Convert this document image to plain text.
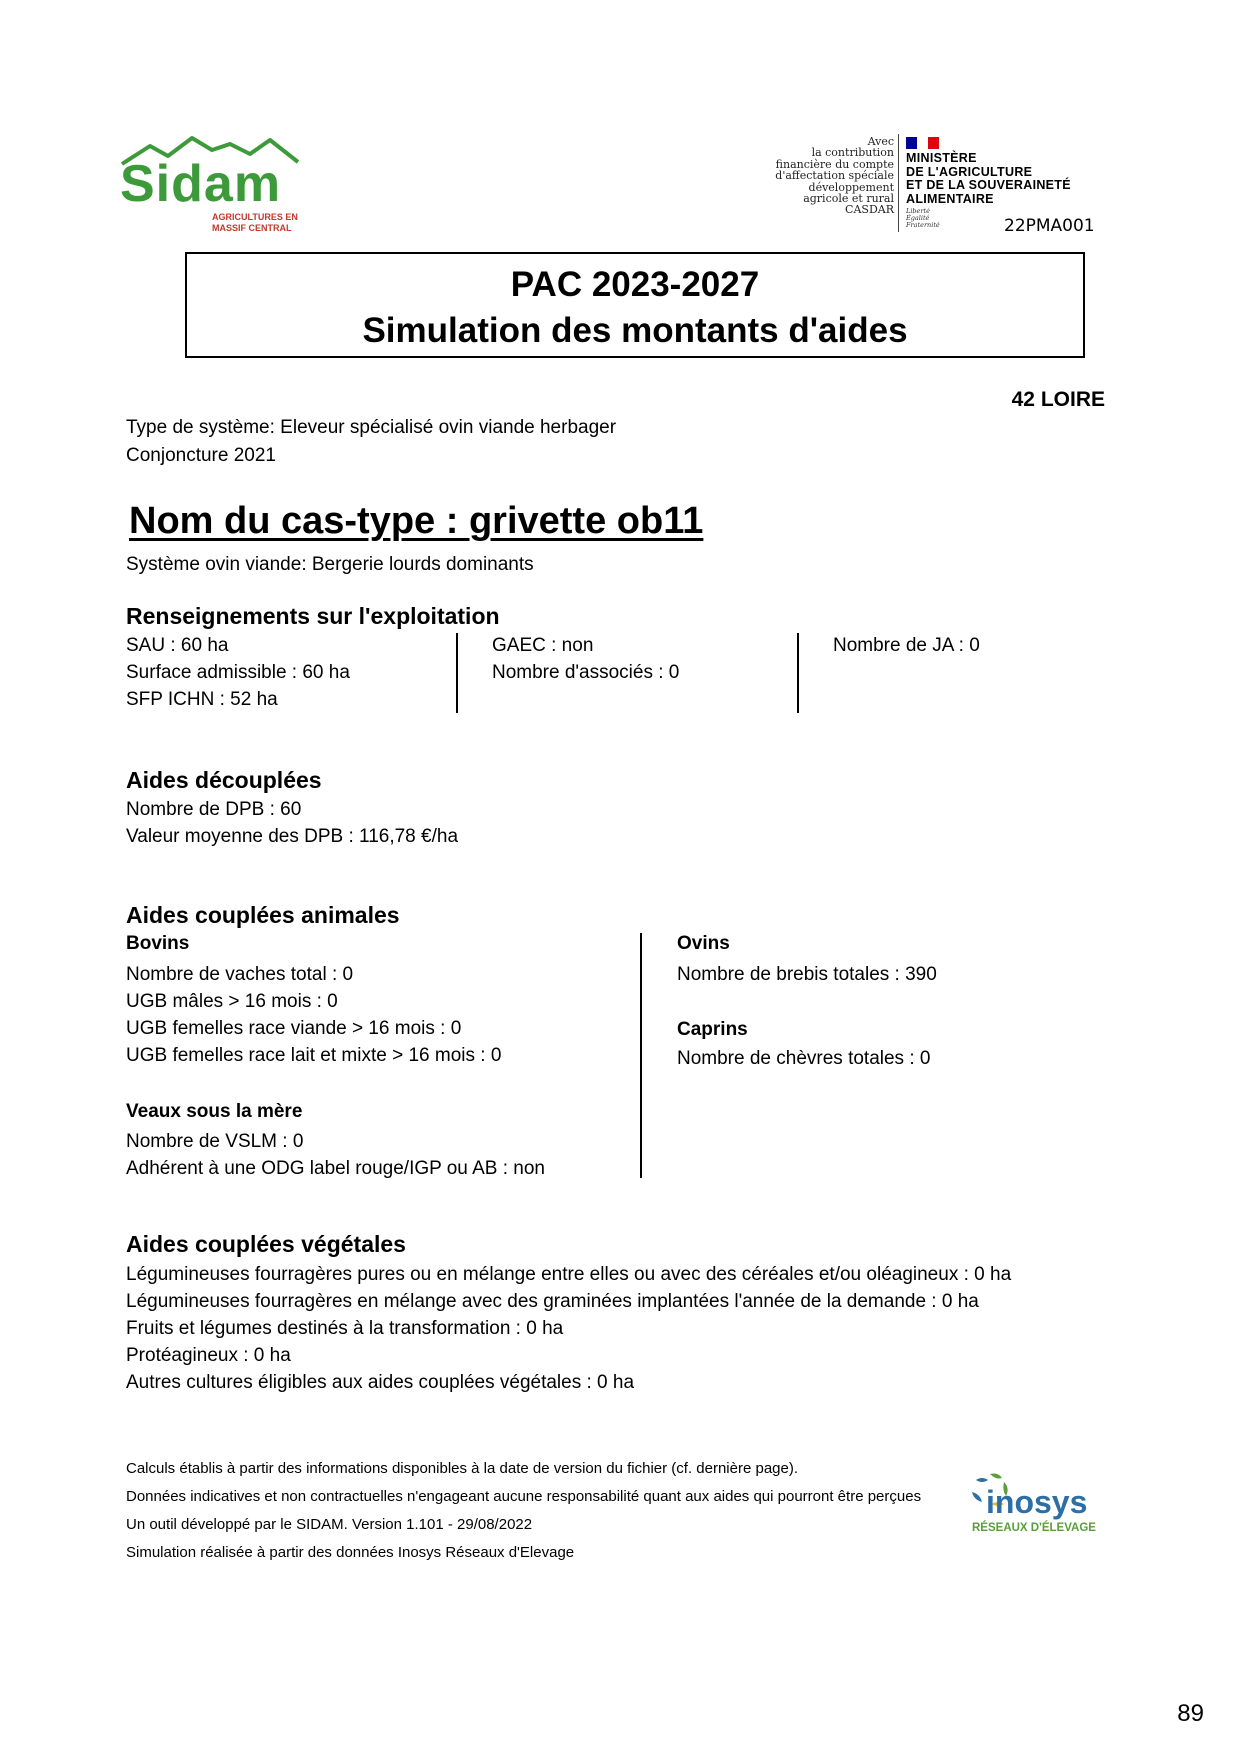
Sidam
AGRICULTURES EN
MASSIF CENTRAL
Avec
la contribution
financière du compte
d'affectation spéciale
développement
agricole et rural
CASDAR
MINISTÈRE
DE L'AGRICULTURE
ET DE LA SOUVERAINETÉ
ALIMENTAIRE
Liberté
Égalité
Fraternité	22PMA001
PAC 2023-2027
Simulation des montants d'aides
42 LOIRE
Type de système: Eleveur spécialisé ovin viande herbager
Conjoncture 2021
Nom du cas-type : grivette ob11
Système ovin viande: Bergerie lourds dominants
Renseignements sur l'exploitation
SAU : 60 ha
Surface admissible : 60 ha
SFP ICHN : 52 ha
GAEC : non
Nombre d'associés : 0
Nombre de JA : 0
Aides découplées
Nombre de DPB : 60
Valeur moyenne des DPB : 116,78 €/ha
Aides couplées animales
Bovins
Nombre de vaches total : 0
UGB mâles > 16 mois : 0
UGB femelles race viande > 16 mois : 0
UGB femelles race lait et mixte > 16 mois : 0
Veaux sous la mère
Nombre de VSLM : 0
Adhérent à une ODG label rouge/IGP ou AB : non
Ovins
Nombre de brebis totales : 390
Caprins
Nombre de chèvres totales : 0
Aides couplées végétales
Légumineuses fourragères pures ou en mélange entre elles ou avec des céréales et/ou oléagineux : 0 ha
Légumineuses fourragères en mélange avec des graminées implantées l'année de la demande : 0 ha
Fruits et légumes destinés à la transformation : 0 ha
Protéagineux : 0 ha
Autres cultures éligibles aux aides couplées végétales : 0 ha
Calculs établis à partir des informations disponibles à la date de version du fichier (cf. dernière page).
Données indicatives et non contractuelles n'engageant aucune responsabilité quant aux aides qui pourront être perçues
Un outil développé par le SIDAM. Version 1.101 - 29/08/2022
Simulation réalisée à partir des données Inosys Réseaux d'Elevage
inosys
RÉSEAUX D'ÉLEVAGE
89
